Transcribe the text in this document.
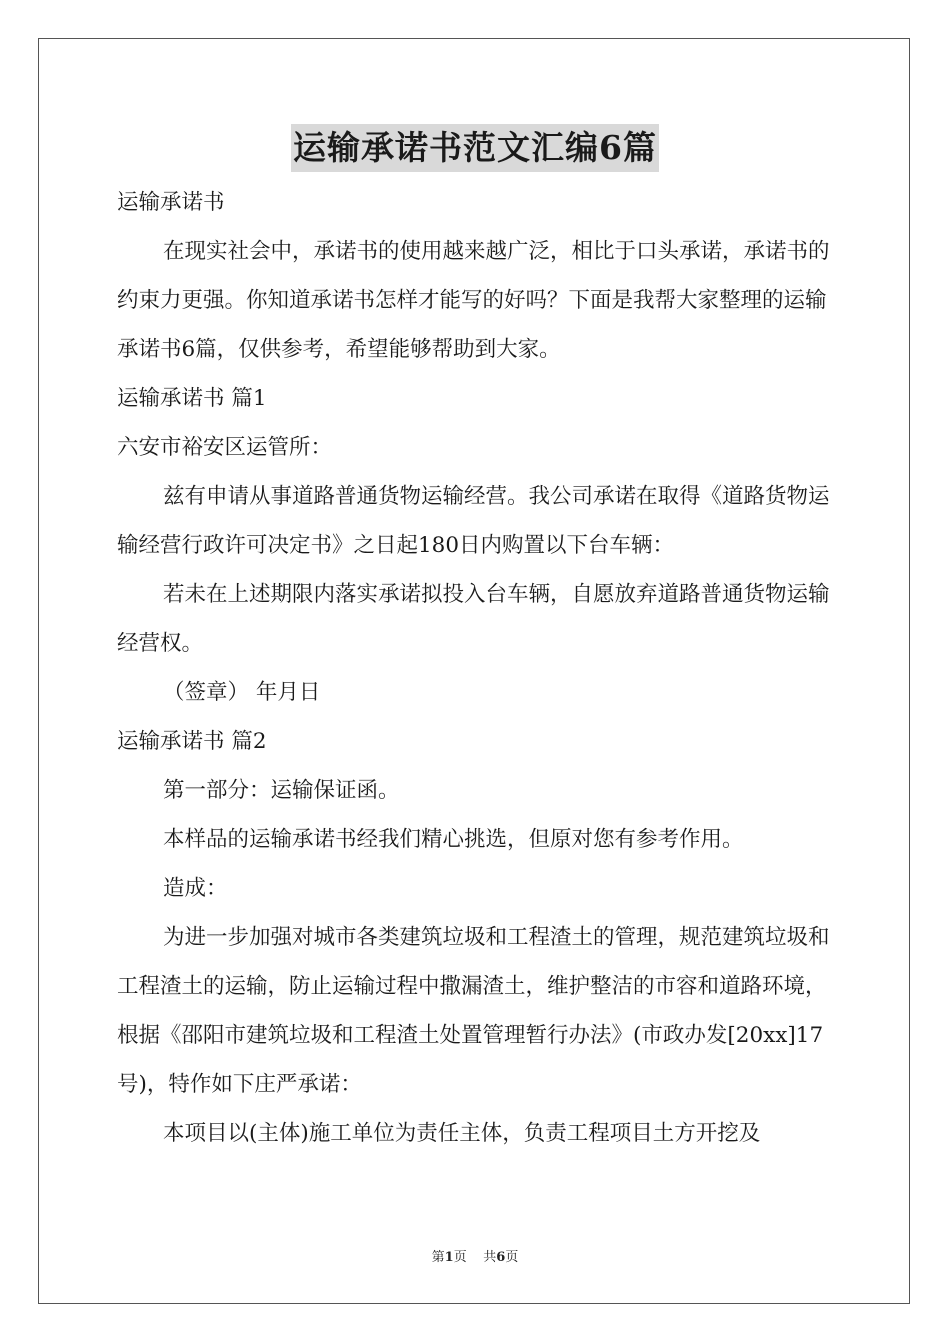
运输承诺书范文汇编6篇

运输承诺书

在现实社会中，承诺书的使用越来越广泛，相比于口头承诺，承诺书的约束力更强。你知道承诺书怎样才能写的好吗？下面是我帮大家整理的运输承诺书6篇，仅供参考，希望能够帮助到大家。

运输承诺书 篇1

六安市裕安区运管所：

兹有申请从事道路普通货物运输经营。我公司承诺在取得《道路货物运输经营行政许可决定书》之日起180日内购置以下台车辆：

若未在上述期限内落实承诺拟投入台车辆，自愿放弃道路普通货物运输经营权。

（签章） 年月日

运输承诺书 篇2

第一部分：运输保证函。

本样品的运输承诺书经我们精心挑选，但原对您有参考作用。

造成：

为进一步加强对城市各类建筑垃圾和工程渣土的管理，规范建筑垃圾和工程渣土的运输，防止运输过程中撒漏渣土，维护整洁的市容和道路环境，根据《邵阳市建筑垃圾和工程渣土处置管理暂行办法》(市政办发[20xx]17号)，特作如下庄严承诺：

本项目以(主体)施工单位为责任主体，负责工程项目土方开挖及

第1页 共6页
